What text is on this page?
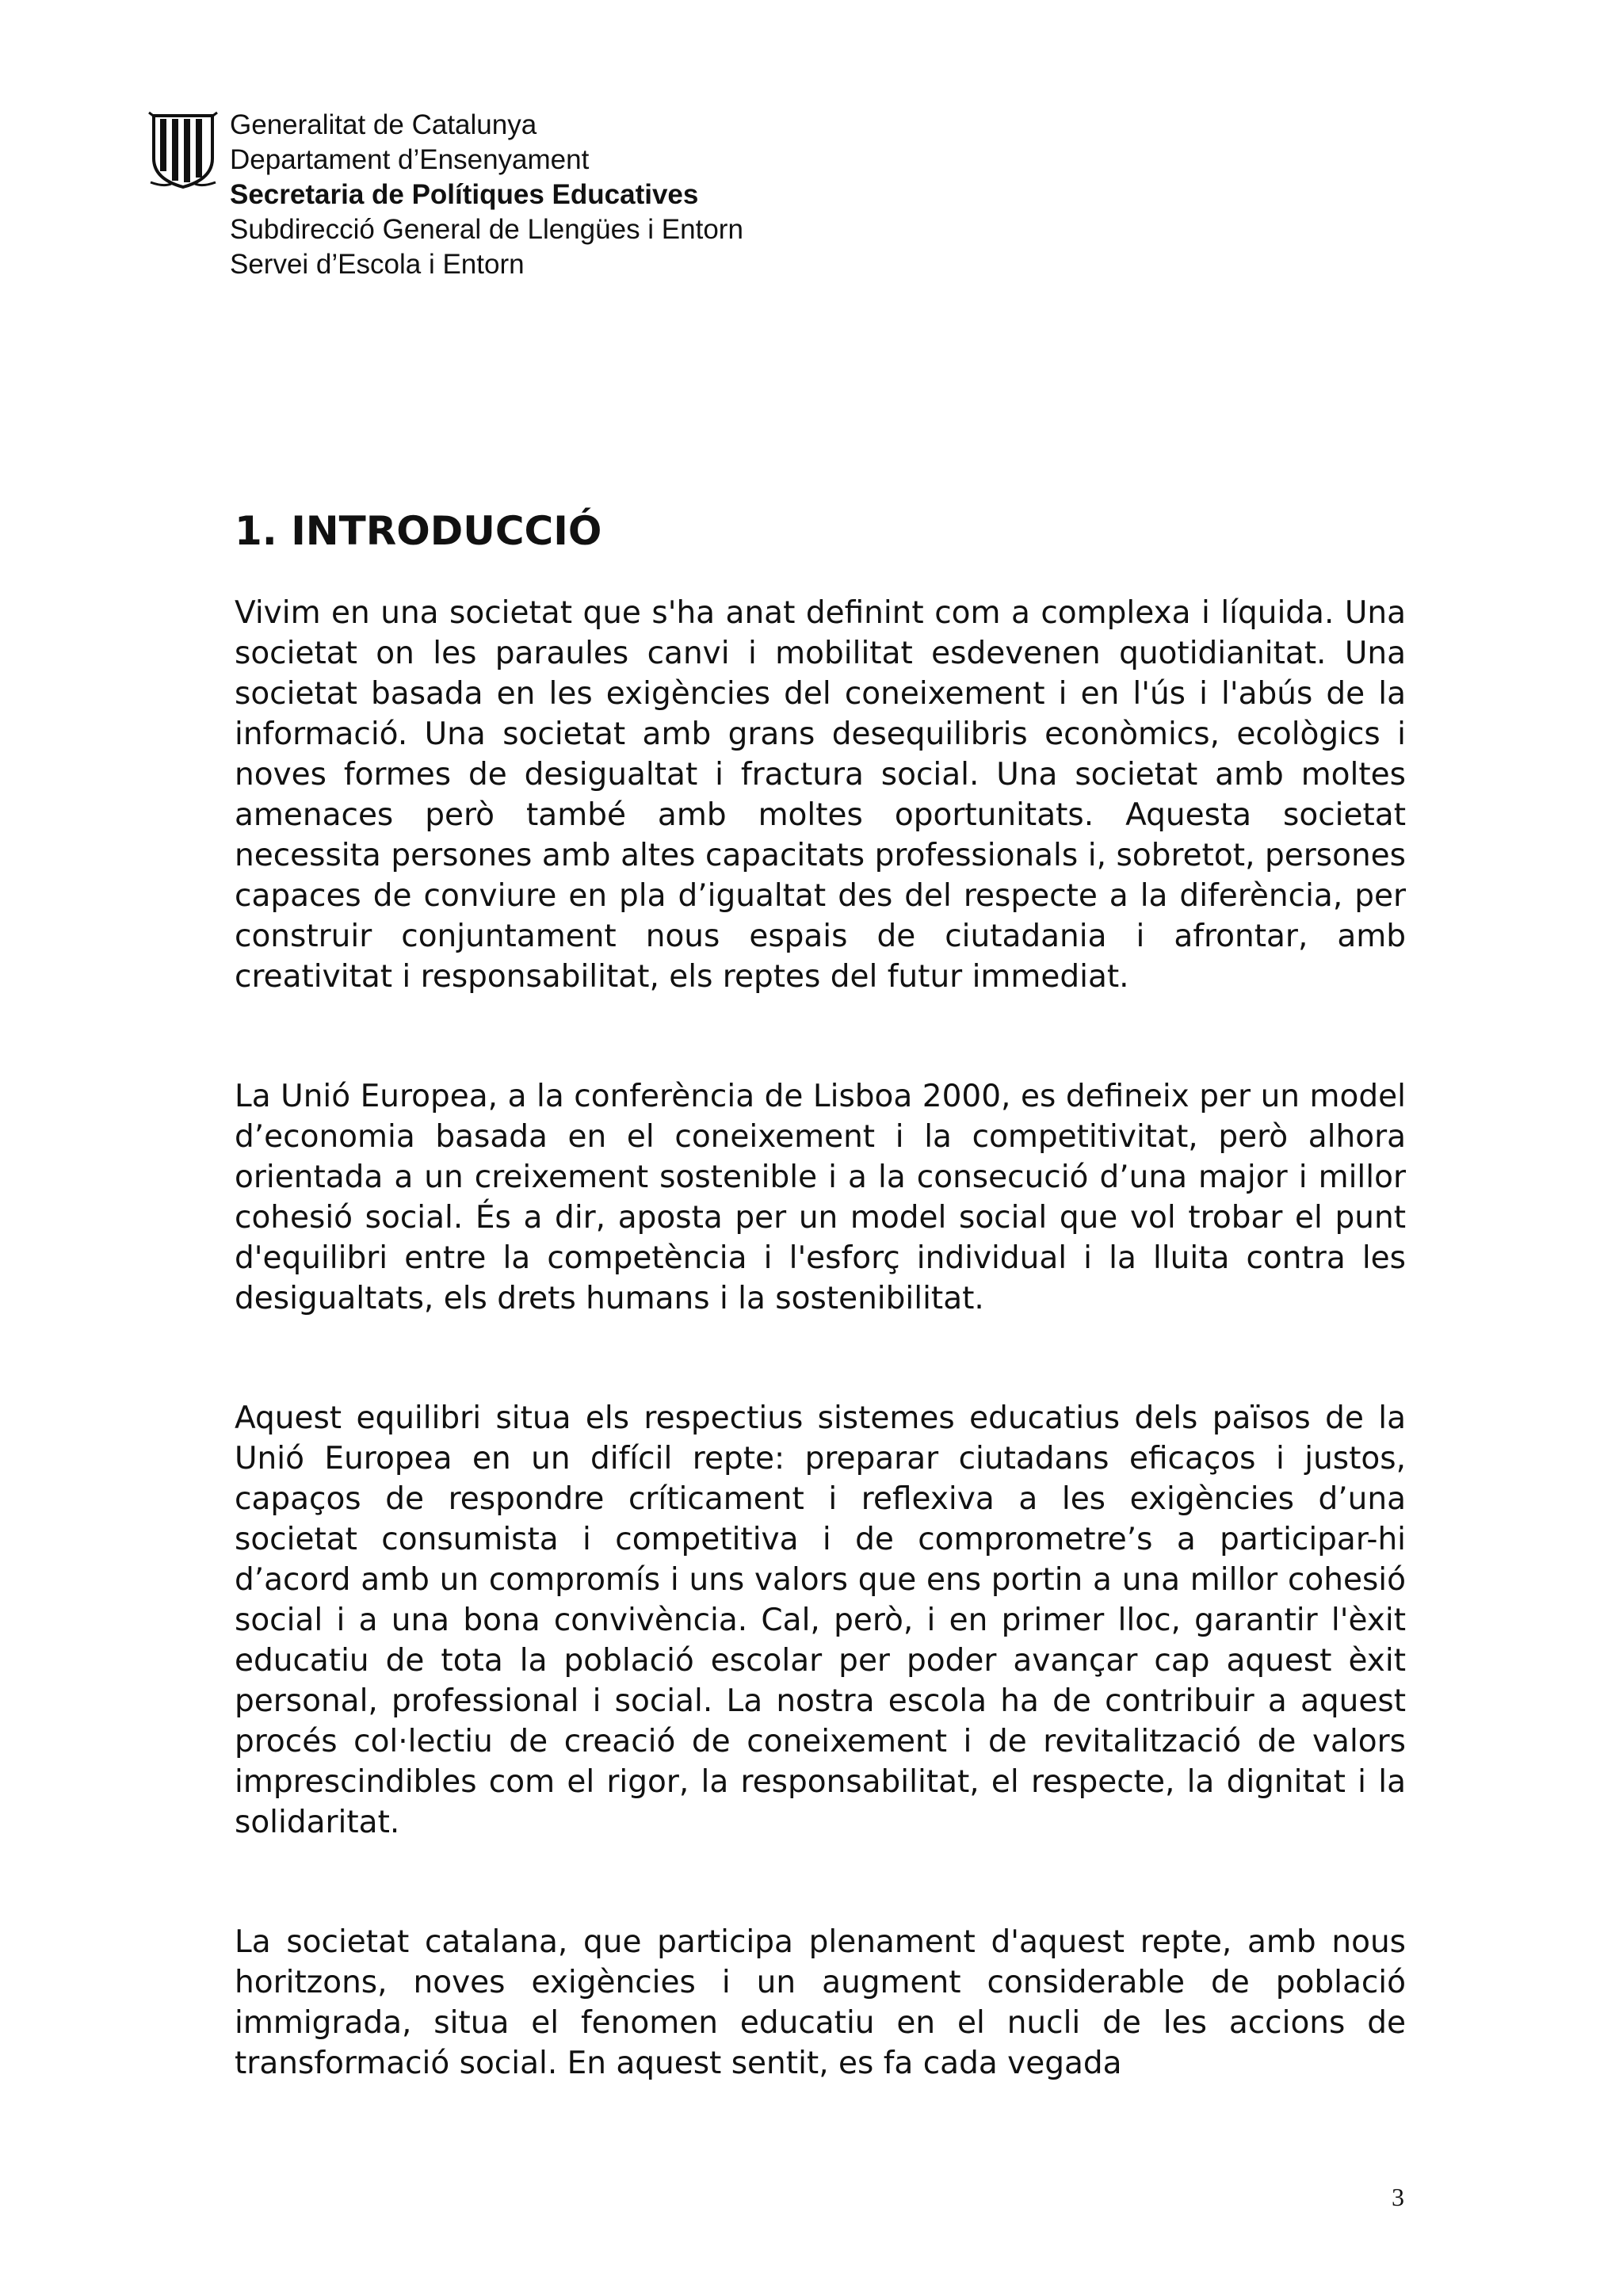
Generalitat de Catalunya
Departament d’Ensenyament
Secretaria de Polítiques Educatives
Subdirecció General de Llengües i Entorn
Servei d’Escola i Entorn
1. INTRODUCCIÓ

Vivim en una societat que s'ha anat definint com a complexa i líquida. Una societat on les paraules canvi i mobilitat esdevenen quotidianitat. Una societat basada en les exigències del coneixement i en l'ús i l'abús de la informació. Una societat amb grans desequilibris econòmics, ecològics i noves formes de desigualtat i fractura social. Una societat amb moltes amenaces però també amb moltes oportunitats. Aquesta societat necessita persones amb altes capacitats professionals i, sobretot, persones capaces de conviure en pla d’igualtat des del respecte a la diferència, per construir conjuntament nous espais de ciutadania i afrontar, amb creativitat i responsabilitat, els reptes del futur immediat.

La Unió Europea, a la conferència de Lisboa 2000, es defineix per un model d’economia basada en el coneixement i la competitivitat, però alhora orientada a un creixement sostenible i a la consecució d’una major i millor cohesió social. És a dir, aposta per un model social que vol trobar el punt d'equilibri entre la competència i l'esforç individual i la lluita contra les desigualtats, els drets humans i la sostenibilitat.

Aquest equilibri situa els respectius sistemes educatius dels països de la Unió Europea en un difícil repte: preparar ciutadans eficaços i justos, capaços de respondre críticament i reflexiva a les exigències d’una societat consumista i competitiva i de comprometre’s a participar-hi d’acord amb un compromís i uns valors que ens portin a una millor cohesió social i a una bona convivència. Cal, però, i en primer lloc, garantir l'èxit educatiu de tota la població escolar per poder avançar cap aquest èxit personal, professional i social. La nostra escola ha de contribuir a aquest procés col·lectiu de creació de coneixement i de revitalització de valors imprescindibles com el rigor, la responsabilitat, el respecte, la dignitat i la solidaritat.

La societat catalana, que participa plenament d'aquest repte, amb nous horitzons, noves exigències i un augment considerable de població immigrada, situa el fenomen educatiu en el nucli de les accions de transformació social. En aquest sentit, es fa cada vegada

3
